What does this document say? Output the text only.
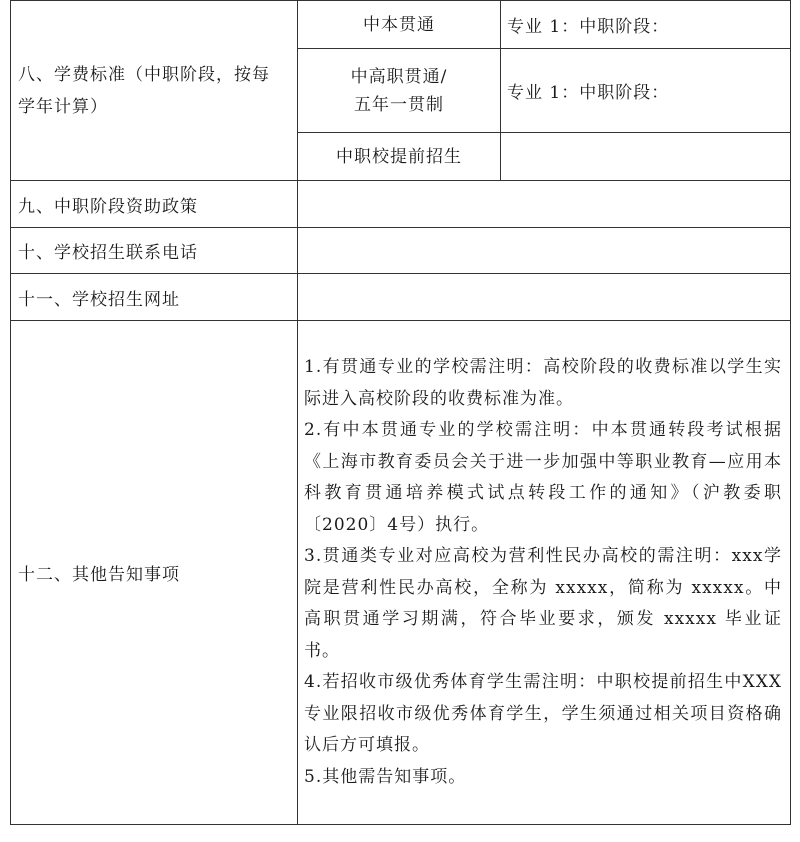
八、学费标准（中职阶段，按每学年计算）	中本贯通	专业 1：中职阶段：
	中高职贯通/
五年一贯制	专业 1：中职阶段：
	中职校提前招生	
九、中职阶段资助政策		
十、学校招生联系电话		
十一、学校招生网址		
十二、其他告知事项	1.有贯通专业的学校需注明：高校阶段的收费标准以学生实际进入高校阶段的收费标准为准。

2.有中本贯通专业的学校需注明：中本贯通转段考试根据《上海市教育委员会关于进一步加强中等职业教育—应用本科教育贯通培养模式试点转段工作的通知》（沪教委职〔2020〕4号）执行。

3.贯通类专业对应高校为营利性民办高校的需注明：xxx学院是营利性民办高校，全称为 xxxxx，简称为 xxxxx。中高职贯通学习期满，符合毕业要求，颁发 xxxxx 毕业证书。

4.若招收市级优秀体育学生需注明：中职校提前招生中XXX 专业限招收市级优秀体育学生，学生须通过相关项目资格确认后方可填报。

5.其他需告知事项。	
